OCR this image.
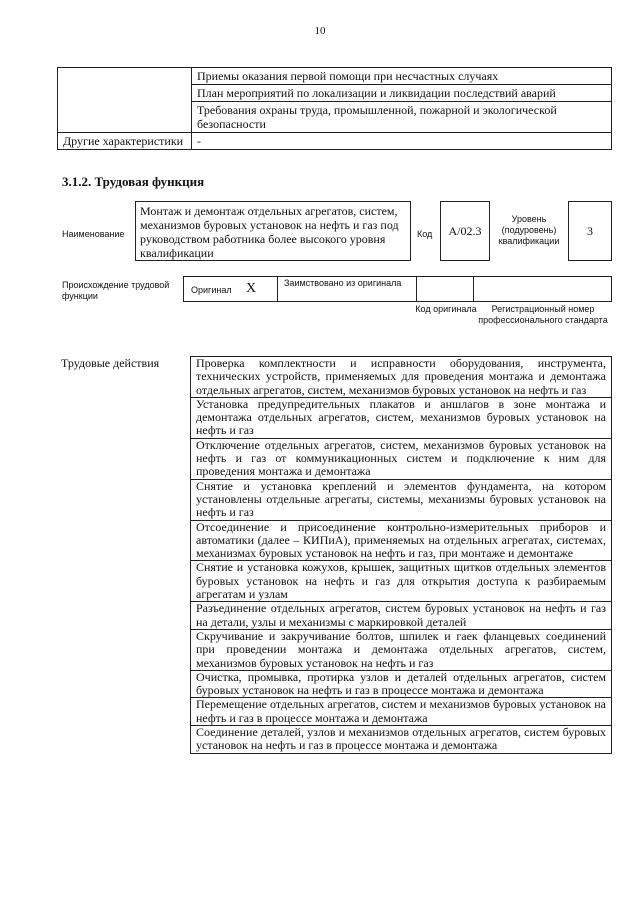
10
	Приемы оказания первой помощи при несчастных случаях
	План мероприятий по локализации и ликвидации последствий аварий
	Требования охраны труда, промышленной, пожарной и экологической безопасности
Другие характеристики	-
3.1.2. Трудовая функция
Наименование
Монтаж и демонтаж отдельных агрегатов, систем, механизмов буровых установок на нефть и газ под руководством работника более высокого уровня квалификации
Код	А/02.3
Уровень (подуровень) квалификации
3
Происхождение трудовой функции
Оригинал X	Заимствовано из оригинала
Код оригинала	Регистрационный номер профессионального стандарта
Трудовые действия	Проверка комплектности и исправности оборудования, инструмента, технических устройств, применяемых для проведения монтажа и демонтажа отдельных агрегатов, систем, механизмов буровых установок на нефть и газ
Установка предупредительных плакатов и аншлагов в зоне монтажа и демонтажа отдельных агрегатов, систем, механизмов буровых установок на нефть и газ
Отключение отдельных агрегатов, систем, механизмов буровых установок на нефть и газ от коммуникационных систем и подключение к ним для проведения монтажа и демонтажа
Снятие и установка креплений и элементов фундамента, на котором установлены отдельные агрегаты, системы, механизмы буровых установок на нефть и газ
Отсоединение и присоединение контрольно-измерительных приборов и автоматики (далее – КИПиА), применяемых на отдельных агрегатах, системах, механизмах буровых установок на нефть и газ, при монтаже и демонтаже
Снятие и установка кожухов, крышек, защитных щитков отдельных элементов буровых установок на нефть и газ для открытия доступа к разбираемым агрегатам и узлам
Разъединение отдельных агрегатов, систем буровых установок на нефть и газ на детали, узлы и механизмы с маркировкой деталей
Скручивание и закручивание болтов, шпилек и гаек фланцевых соединений при проведении монтажа и демонтажа отдельных агрегатов, систем, механизмов буровых установок на нефть и газ
Очистка, промывка, протирка узлов и деталей отдельных агрегатов, систем буровых установок на нефть и газ в процессе монтажа и демонтажа
Перемещение отдельных агрегатов, систем и механизмов буровых установок на нефть и газ в процессе монтажа и демонтажа
Соединение деталей, узлов и механизмов отдельных агрегатов, систем буровых установок на нефть и газ в процессе монтажа и демонтажа
